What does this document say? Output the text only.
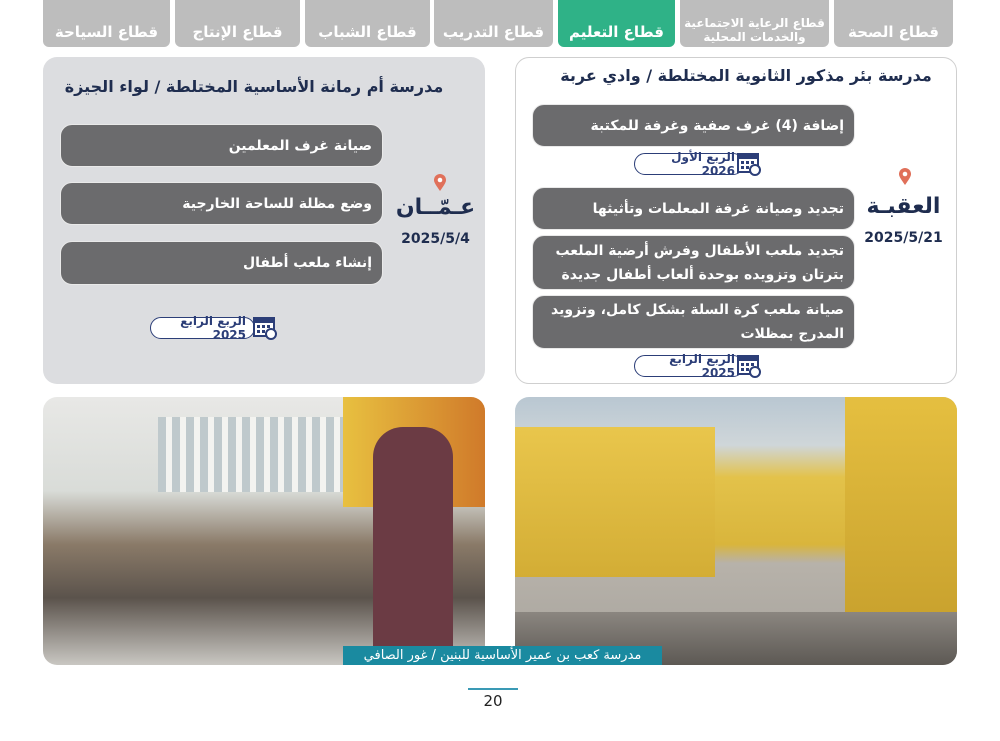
قطاع الصحة
قطاع الرعاية الاجتماعية والخدمات المحلية
قطاع التعليم
قطاع التدريب
قطاع الشباب
قطاع الإنتاج
قطاع السياحة
مدرسة بئر مذكور الثانوية المختلطة / وادي عربة
إضافة (4) غرف صفية وغرفة للمكتبة
الربع الأول 2026
تجديد وصيانة غرفة المعلمات وتأثيثها
تجديد ملعب الأطفال وفرش أرضية الملعب بترتان وتزويده بوحدة ألعاب أطفال جديدة
صيانة ملعب كرة السلة بشكل كامل، وتزويد المدرج بمظلات
الربع الرابع 2025
العقبـة
2025/5/21
مدرسة أم رمانة الأساسية المختلطة / لواء الجيزة
صيانة غرف المعلمين
وضع مظلة للساحة الخارجية
إنشاء ملعب أطفال
الربع الرابع 2025
عـمّــان
2025/5/4
مدرسة كعب بن عمير الأساسية للبنين / غور الصافي
20
